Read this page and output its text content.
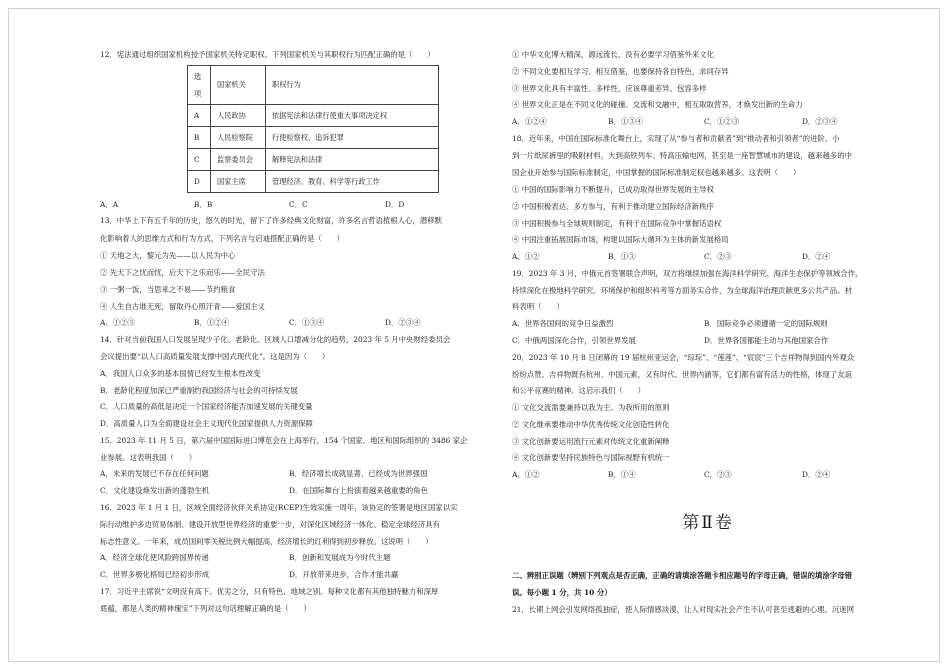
12．宪法通过组织国家机构授予国家机关特定职权。下列国家机关与其职权行为匹配正确的是（　　）
选项	国家机关	职权行为
A	人民政协	依据宪法和法律行使重大事项决定权
B	人民检察院	行使检察权，追诉犯罪
C	监察委员会	解释宪法和法律
D	国家主席	管理经济、教育、科学等行政工作
A．A	B．B	C．C	D．D
13．中华上下有五千年的历史，悠久的时光，留下了许多经典文化财富，许多名言哲语植根人心，潜移默
化影响着人的思维方式和行为方式，下列名言与启迪搭配正确的是（　　）
① 天地之大，黎元为先——以人民为中心
② 先天下之忧而忧，后天下之乐而乐——全民守法
③ 一粥一饭，当思来之不易——节约粮食
④ 人生自古谁无死，留取丹心照汗青——爱国主义
A．①②③	B．①②④	C．①③④	D．②③④
14．针对当前我国人口发展呈现少子化、老龄化、区域人口增减分化的趋势，2023 年 5 月中央财经委员会
会议提出要“以人口高质量发展支撑中国式现代化”。这是因为（　　）
A．我国人口众多的基本国情已经发生根本性改变
B．老龄化程度加深已严重制约我国经济与社会的可持续发展
C．人口质量的高低是决定一个国家经济能否加速发展的关键变量
D．高质量人口为全面建设社会主义现代化国家提供人力资源保障
15．2023 年 11 月 5 日，第六届中国国际进口博览会在上海举行，154 个国家、地区和国际组织的 3486 家企
业参展。这表明我国（　　）
A．未来的发展已不存在任何问题	B．经济增长成就显著，已经成为世界强国
C．文化建设焕发出新的蓬勃生机	D．在国际舞台上扮演着越来越重要的角色
16．2023 年 1 月 1 日，区域全面经济伙伴关系协定(RCEP)生效实施一周年，该协定的签署是地区国家以实
际行动维护多边贸易体制、建设开放型世界经济的重要一步，对深化区域经济一体化、稳定全球经济具有
标志性意义。一年来，成员国间零关税比例大幅提高，经济增长的红利得到初步释放。这说明（　　）
A．经济全球化使风险跨国界传递	B．创新和发展成为今时代主题
C．世界多极化格局已经初步形成	D．开放带来进步，合作才能共赢
17．习近平主席说“文明没有高下、优劣之分，只有特色、地域之别。每种文化都有其他独特魅力和深厚
底蕴，都是人类的精神瑰宝”下列对这句话理解正确的是（　　）
① 中华文化博大精深，源远流长，没有必要学习借鉴外来文化
② 不同文化要相互学习、相互借鉴，也要保持各自特色，求同存异
③ 世界文化具有丰富性、多样性，应该尊重差异、包容多样
④ 世界文化正是在不同文化的碰撞、交流和交融中，相互取取营养，才焕发出新的生命力
A．①②④	B．①③④	C．①②③	D．②③④
18．近年来，中国在国际标准化舞台上，实现了从“参与者和贡献者”到“推动者和引领者”的进阶。小
到一片纸尿裤里的吸附材料，大到高铁列车、特高压输电网，甚至是一座智慧城市的建设，越来越多的中
国企业开始参与国际标准制定，中国掌握的国际标准制定权也越来越多。这表明（　　）
① 中国的国际影响力不断提升，已成功取得世界发展的主导权
② 中国积极表达、多方参与，有利于推动建立国际经济新秩序
③ 中国积极参与全球规则制定，有利于在国际竞争中掌握话语权
④ 中国注重拓展国际市场，构建以国际大循环为主体的新发展格局
A．①②	B．①③	C．②③	D．②④
19．2023 年 3 月，中俄元首签署联合声明，双方将继续加强在海洋科学研究、海洋生态保护等领域合作，
持续深化在极地科学研究、环境保护和组织科考等方面务实合作，为全球海洋治理贡献更多公共产品。材
料表明（　　）
A．世界各国间的竞争日益激烈	B．国际竞争必须遵循一定的国际规则
C．中俄两国深化合作，引领世界发展	D．世界各国都能主动与其他国家合作
20．2023 年 10 月 8 日闭幕的 19 届杭州亚运会，“琮琮”、“莲莲”、“宸宸”三个吉祥物得到国内外观众
纷纷点赞。吉祥物既有杭州、中国元素，又有时代、世界内涵等，它们都有富有活力的性格，体现了友谊
和公平竞赛的精神。这启示我们（　　）
① 文化交流需要兼持以我为主、为我所用的原则
② 文化继承要推动中华优秀传统文化创造性转化
③ 文化创新要运用流行元素对传统文化重新阐释
④ 文化创新要坚持民族特色与国际视野有机统一
A．①②	B．①④	C．②③	D．②④
第Ⅱ卷
二、辨别正误题（辨别下列观点是否正确，正确的请填涂答题卡相应题号的字母正确，错误的填涂字母错
误。每小题 1 分，共 10 分）
21．长期上网会引发网络孤独症，使人际情感淡漠，让人对现实社会产生不认可甚至逃避的心理。沉迷网
